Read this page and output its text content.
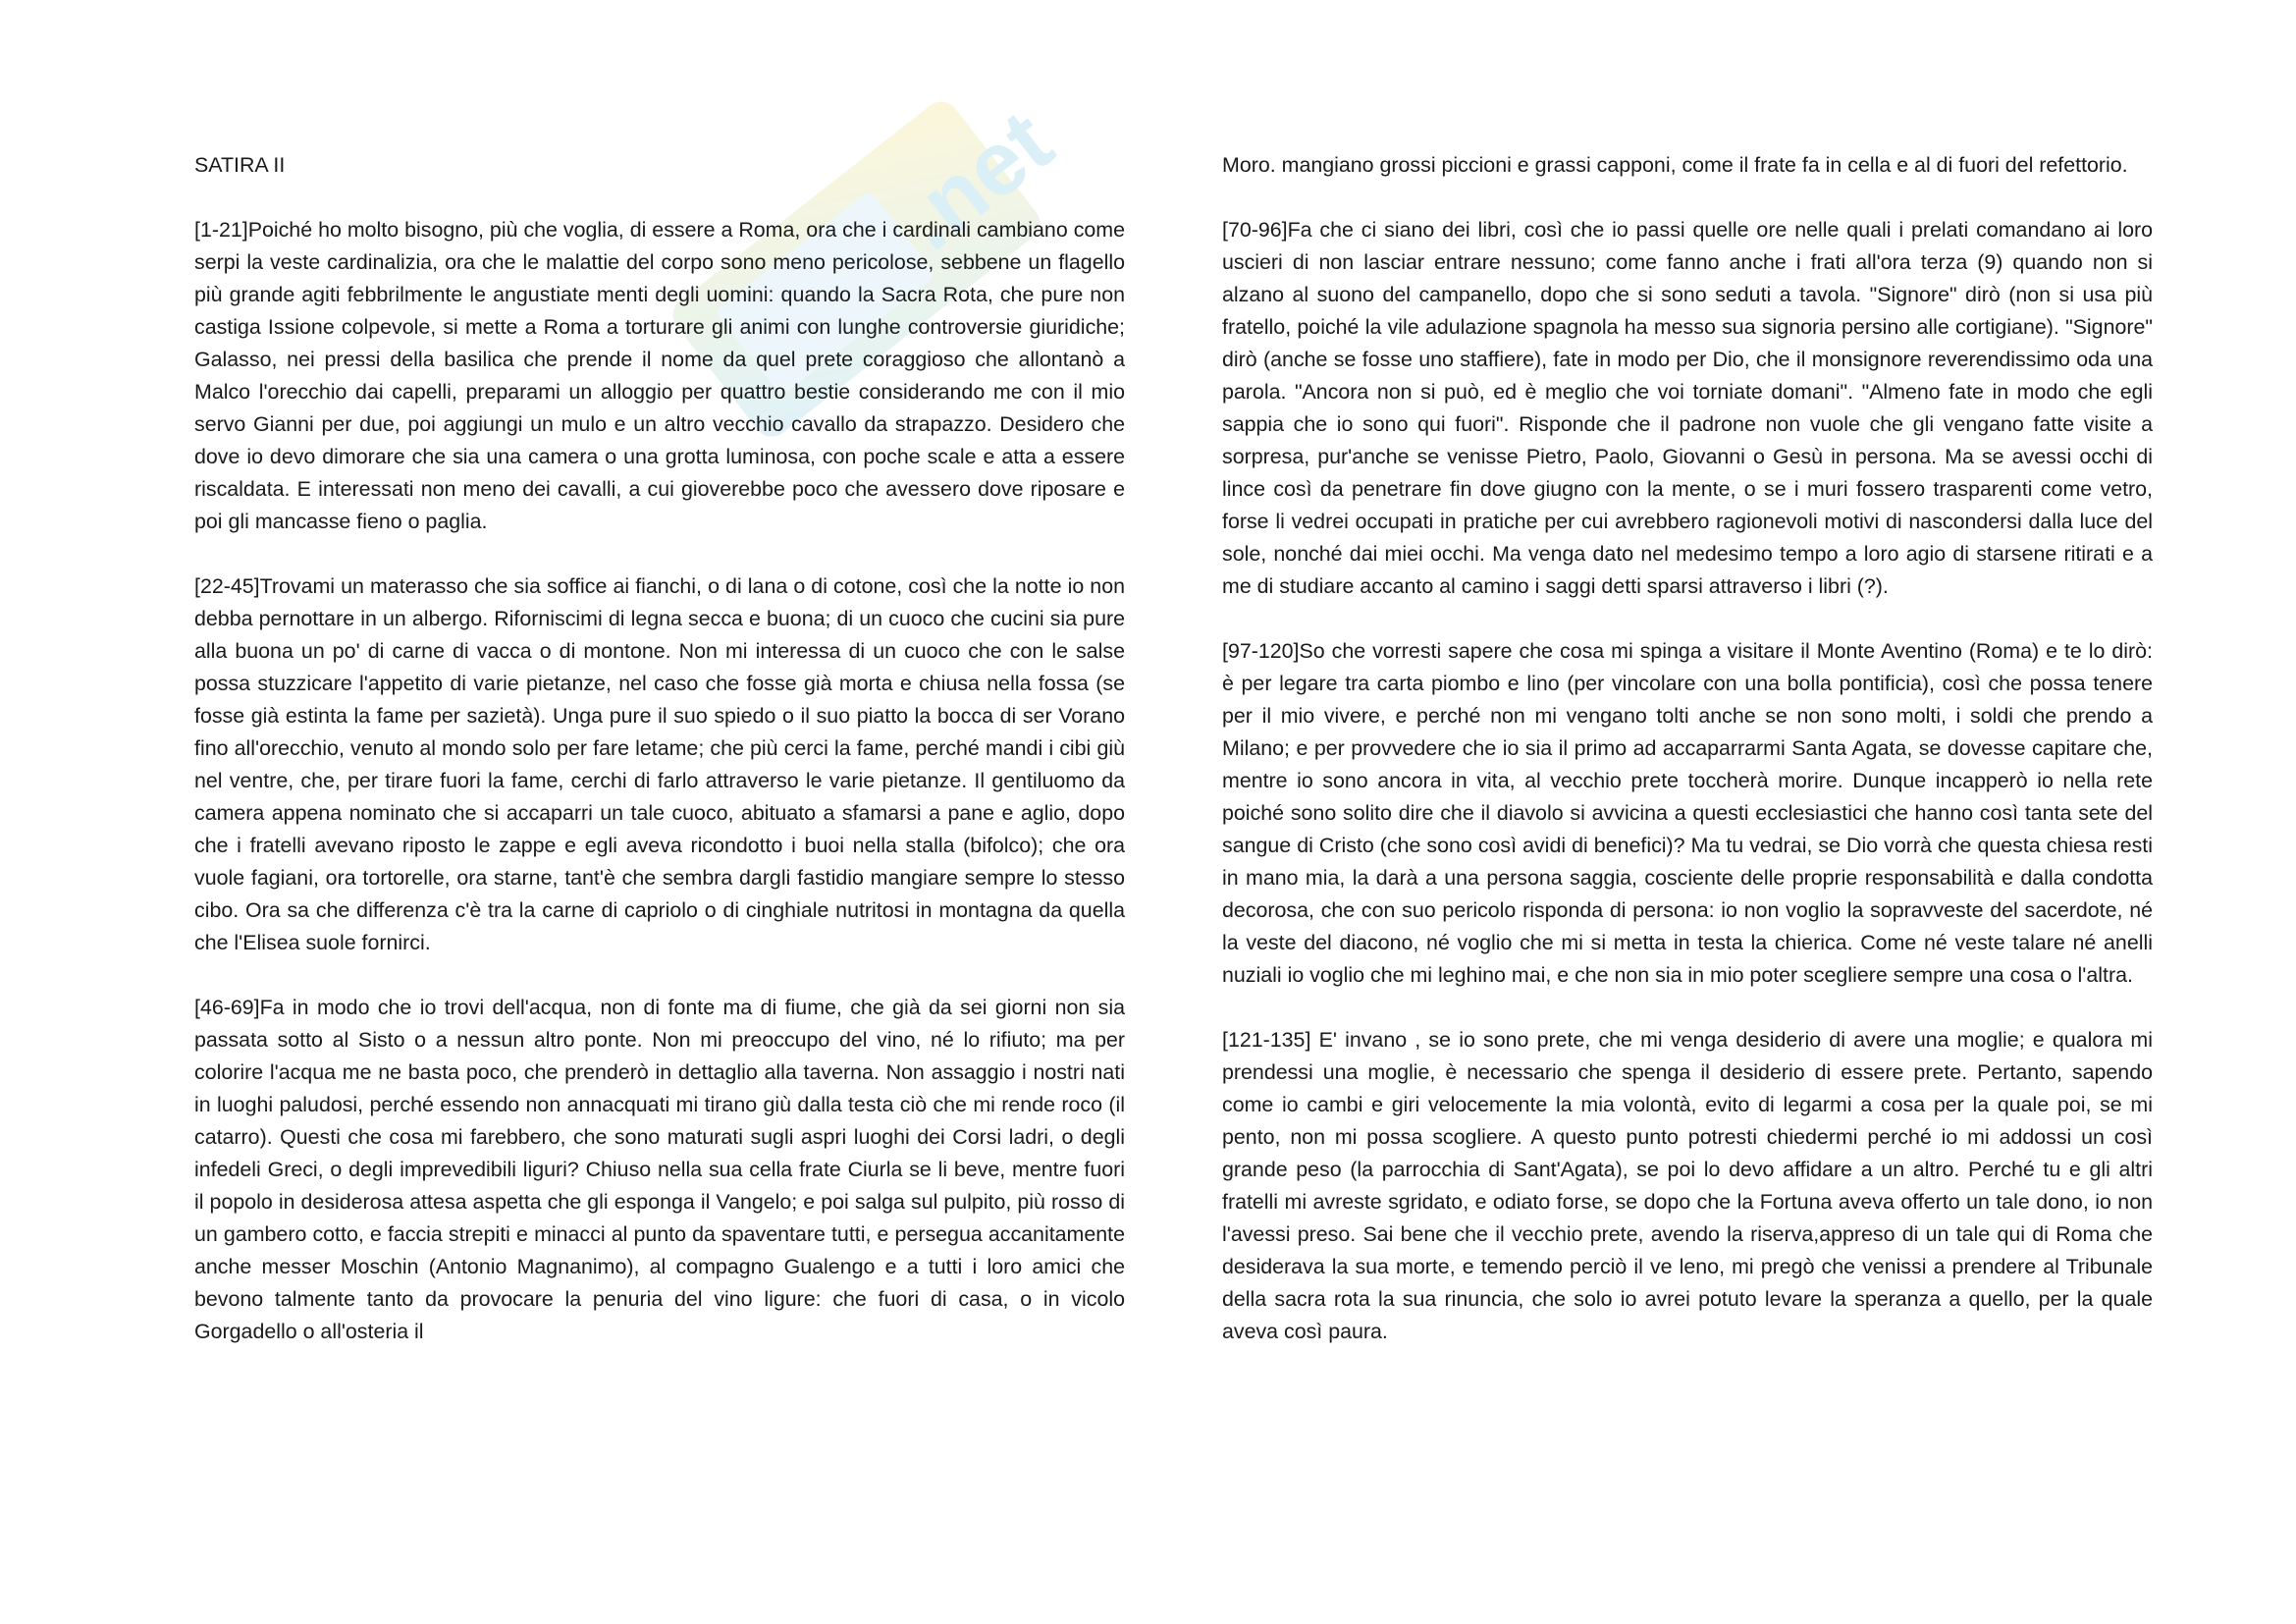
.net
SATIRA II

[1-21]Poiché ho molto bisogno, più che voglia, di essere a Roma, ora che i cardinali cambiano come serpi la veste cardinalizia, ora che le malattie del corpo sono meno pericolose, sebbene un flagello più grande agiti febbrilmente le angustiate menti degli uomini: quando la Sacra Rota, che pure non castiga Issione colpevole, si mette a Roma a torturare gli animi con lunghe controversie giuridiche; Galasso, nei pressi della basilica che prende il nome da quel prete coraggioso che allontanò a Malco l'orecchio dai capelli, preparami un alloggio per quattro bestie considerando me con il mio servo Gianni per due, poi aggiungi un mulo e un altro vecchio cavallo da strapazzo. Desidero che dove io devo dimorare che sia una camera o una grotta luminosa, con poche scale e atta a essere riscaldata. E interessati non meno dei cavalli, a cui gioverebbe poco che avessero dove riposare e poi gli mancasse fieno o paglia.

[22-45]Trovami un materasso che sia soffice ai fianchi, o di lana o di cotone, così che la notte io non debba pernottare in un albergo. Riforniscimi di legna secca e buona; di un cuoco che cucini sia pure alla buona un po' di carne di vacca o di montone. Non mi interessa di un cuoco che con le salse possa stuzzicare l'appetito di varie pietanze, nel caso che fosse già morta e chiusa nella fossa (se fosse già estinta la fame per sazietà). Unga pure il suo spiedo o il suo piatto la bocca di ser Vorano fino all'orecchio, venuto al mondo solo per fare letame; che più cerci la fame, perché mandi i cibi giù nel ventre, che, per tirare fuori la fame, cerchi di farlo attraverso le varie pietanze. Il gentiluomo da camera appena nominato che si accaparri un tale cuoco, abituato a sfamarsi a pane e aglio, dopo che i fratelli avevano riposto le zappe e egli aveva ricondotto i buoi nella stalla (bifolco); che ora vuole fagiani, ora tortorelle, ora starne, tant'è che sembra dargli fastidio mangiare sempre lo stesso cibo. Ora sa che differenza c'è tra la carne di capriolo o di cinghiale nutritosi in montagna da quella che l'Elisea suole fornirci.

[46-69]Fa in modo che io trovi dell'acqua, non di fonte ma di fiume, che già da sei giorni non sia passata sotto al Sisto o a nessun altro ponte. Non mi preoccupo del vino, né lo rifiuto; ma per colorire l'acqua me ne basta poco, che prenderò in dettaglio alla taverna. Non assaggio i nostri nati in luoghi paludosi, perché essendo non annacquati mi tirano giù dalla testa ciò che mi rende roco (il catarro). Questi che cosa mi farebbero, che sono maturati sugli aspri luoghi dei Corsi ladri, o degli infedeli Greci, o degli imprevedibili liguri? Chiuso nella sua cella frate Ciurla se li beve, mentre fuori il popolo in desiderosa attesa aspetta che gli esponga il Vangelo; e poi salga sul pulpito, più rosso di un gambero cotto, e faccia strepiti e minacci al punto da spaventare tutti, e persegua accanitamente anche messer Moschin (Antonio Magnanimo), al compagno Gualengo e a tutti i loro amici che bevono talmente tanto da provocare la penuria del vino ligure: che fuori di casa, o in vicolo Gorgadello o all'osteria il

Moro. mangiano grossi piccioni e grassi capponi, come il frate fa in cella e al di fuori del refettorio.

[70-96]Fa che ci siano dei libri, così che io passi quelle ore nelle quali i prelati comandano ai loro uscieri di non lasciar entrare nessuno; come fanno anche i frati all'ora terza (9) quando non si alzano al suono del campanello, dopo che si sono seduti a tavola. "Signore" dirò (non si usa più fratello, poiché la vile adulazione spagnola ha messo sua signoria persino alle cortigiane). "Signore" dirò (anche se fosse uno staffiere), fate in modo per Dio, che il monsignore reverendissimo oda una parola. "Ancora non si può, ed è meglio che voi torniate domani". "Almeno fate in modo che egli sappia che io sono qui fuori". Risponde che il padrone non vuole che gli vengano fatte visite a sorpresa, pur'anche se venisse Pietro, Paolo, Giovanni o Gesù in persona. Ma se avessi occhi di lince così da penetrare fin dove giugno con la mente, o se i muri fossero trasparenti come vetro, forse li vedrei occupati in pratiche per cui avrebbero ragionevoli motivi di nascondersi dalla luce del sole, nonché dai miei occhi. Ma venga dato nel medesimo tempo a loro agio di starsene ritirati e a me di studiare accanto al camino i saggi detti sparsi attraverso i libri (?).

[97-120]So che vorresti sapere che cosa mi spinga a visitare il Monte Aventino (Roma) e te lo dirò: è per legare tra carta piombo e lino (per vincolare con una bolla pontificia), così che possa tenere per il mio vivere, e perché non mi vengano tolti anche se non sono molti, i soldi che prendo a Milano; e per provvedere che io sia il primo ad accaparrarmi Santa Agata, se dovesse capitare che, mentre io sono ancora in vita, al vecchio prete toccherà morire. Dunque incapperò io nella rete poiché sono solito dire che il diavolo si avvicina a questi ecclesiastici che hanno così tanta sete del sangue di Cristo (che sono così avidi di benefici)? Ma tu vedrai, se Dio vorrà che questa chiesa resti in mano mia, la darà a una persona saggia, cosciente delle proprie responsabilità e dalla condotta decorosa, che con suo pericolo risponda di persona: io non voglio la sopravveste del sacerdote, né la veste del diacono, né voglio che mi si metta in testa la chierica. Come né veste talare né anelli nuziali io voglio che mi leghino mai, e che non sia in mio poter scegliere sempre una cosa o l'altra.

[121-135] E' invano , se io sono prete, che mi venga desiderio di avere una moglie; e qualora mi prendessi una moglie, è necessario che spenga il desiderio di essere prete. Pertanto, sapendo come io cambi e giri velocemente la mia volontà, evito di legarmi a cosa per la quale poi, se mi pento, non mi possa scogliere. A questo punto potresti chiedermi perché io mi addossi un così grande peso (la parrocchia di Sant'Agata), se poi lo devo affidare a un altro. Perché tu e gli altri fratelli mi avreste sgridato, e odiato forse, se dopo che la Fortuna aveva offerto un tale dono, io non l'avessi preso. Sai bene che il vecchio prete, avendo la riserva,appreso di un tale qui di Roma che desiderava la sua morte, e temendo perciò il ve leno, mi pregò che venissi a prendere al Tribunale della sacra rota la sua rinuncia, che solo io avrei potuto levare la speranza a quello, per la quale aveva così paura.
